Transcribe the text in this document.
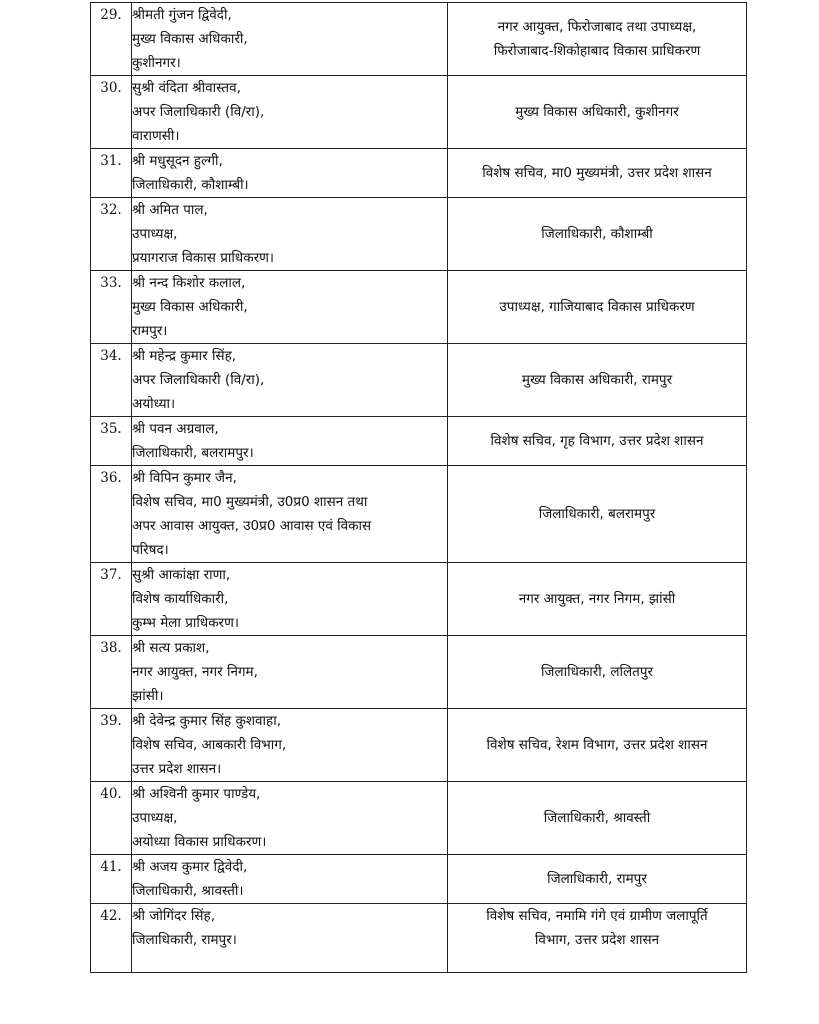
29.	श्रीमती गुंजन द्विवेदी,
मुख्य विकास अधिकारी,
कुशीनगर।	नगर आयुक्त, फिरोजाबाद तथा उपाध्यक्ष,
फिरोजाबाद-शिकोहाबाद विकास प्राधिकरण

30.	सुश्री वंदिता श्रीवास्तव,
अपर जिलाधिकारी (वि/रा),
वाराणसी।	मुख्य विकास अधिकारी, कुशीनगर

31.	श्री मधुसूदन हुल्गी,
जिलाधिकारी, कौशाम्बी।	विशेष सचिव, मा0 मुख्यमंत्री, उत्तर प्रदेश शासन

32.	श्री अमित पाल,
उपाध्यक्ष,
प्रयागराज विकास प्राधिकरण।	जिलाधिकारी, कौशाम्बी

33.	श्री नन्द किशोर कलाल,
मुख्य विकास अधिकारी,
रामपुर।	उपाध्यक्ष, गाजियाबाद विकास प्राधिकरण

34.	श्री महेन्द्र कुमार सिंह,
अपर जिलाधिकारी (वि/रा),
अयोध्या।	मुख्य विकास अधिकारी, रामपुर

35.	श्री पवन अग्रवाल,
जिलाधिकारी, बलरामपुर।	विशेष सचिव, गृह विभाग, उत्तर प्रदेश शासन

36.	श्री विपिन कुमार जैन,
विशेष सचिव, मा0 मुख्यमंत्री, उ0प्र0 शासन तथा
अपर आवास आयुक्त, उ0प्र0 आवास एवं विकास
परिषद।	जिलाधिकारी, बलरामपुर

37.	सुश्री आकांक्षा राणा,
विशेष कार्याधिकारी,
कुम्भ मेला प्राधिकरण।	नगर आयुक्त, नगर निगम, झांसी

38.	श्री सत्य प्रकाश,
नगर आयुक्त, नगर निगम,
झांसी।	जिलाधिकारी, ललितपुर

39.	श्री देवेन्द्र कुमार सिंह कुशवाहा,
विशेष सचिव, आबकारी विभाग,
उत्तर प्रदेश शासन।	विशेष सचिव, रेशम विभाग, उत्तर प्रदेश शासन

40.	श्री अश्विनी कुमार पाण्डेय,
उपाध्यक्ष,
अयोध्या विकास प्राधिकरण।	जिलाधिकारी, श्रावस्ती

41.	श्री अजय कुमार द्विवेदी,
जिलाधिकारी, श्रावस्ती।	जिलाधिकारी, रामपुर

42.	श्री जोगिंदर सिंह,
जिलाधिकारी, रामपुर।	विशेष सचिव, नमामि गंगे एवं ग्रामीण जलापूर्ति
विभाग, उत्तर प्रदेश शासन
